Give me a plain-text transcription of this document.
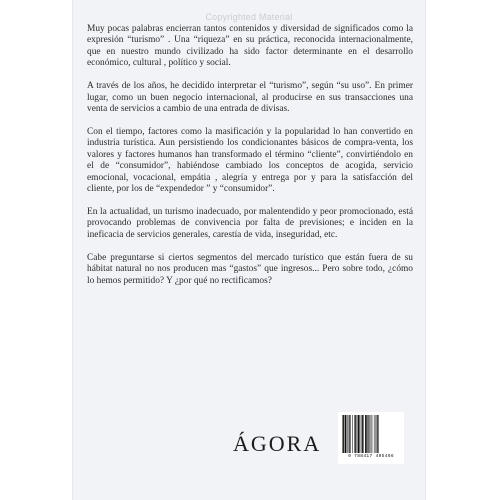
Copyrighted Material

Muy pocas palabras encierran tantos contenidos y diversidad de significados como la expresión “turismo” . Una “riqueza” en su práctica, reconocida internacionalmente, que en nuestro mundo civilizado ha sido factor determinante en el desarrollo económico, cultural , político y social.

A través de los años, he decidido interpretar el “turismo”, según “su uso”. En primer lugar, como un buen negocio internacional, al producirse en sus transacciones una venta de servicios a cambio de una entrada de divisas.

Con el tiempo, factores como la masificación y la popularidad lo han convertido en industria turística. Aun persistiendo los condicionantes básicos de compra-venta, los valores y factores humanos han transformado el término “cliente”, convirtiéndolo en el de “consumidor”, habiéndose cambiado los conceptos de acogida, servicio emocional, vocacional, empátia , alegría y entrega por y para la satisfacción del cliente, por los de “expendedor ” y “consumidor”.

En la actualidad, un turismo inadecuado, por malentendido y peor promocionado, está provocando problemas de convivencia por falta de previsiones; e inciden en la ineficacia de servicios generales, carestía de vida, inseguridad, etc.

Cabe preguntarse si ciertos segmentos del mercado turístico que están fuera de su hábitat natural no nos producen mas “gastos” que ingresos... Pero sobre todo, ¿cómo lo hemos permitido? Y ¿por qué no rectificamos?

ÁGORA
9 788417 495466
